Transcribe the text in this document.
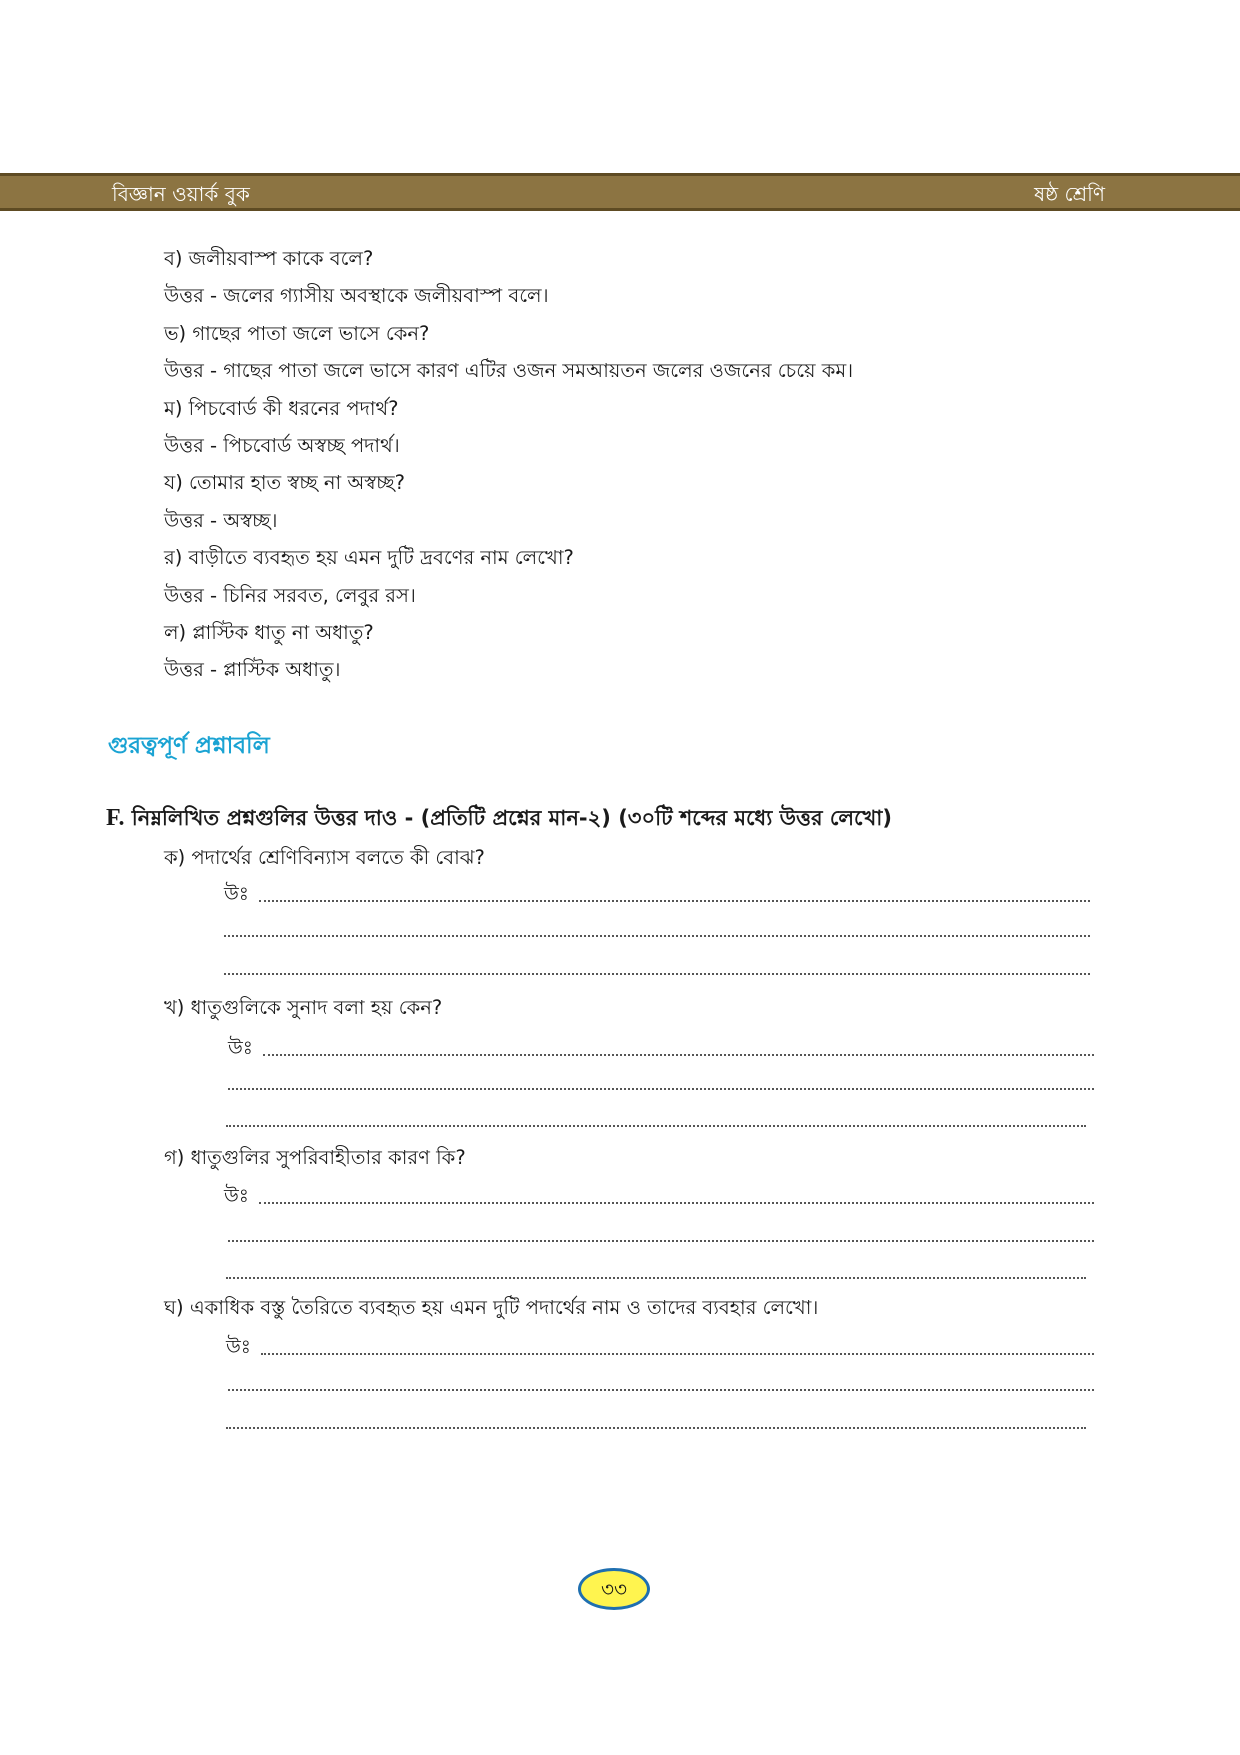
বিজ্ঞান ওয়ার্ক বুক	ষষ্ঠ শ্রেণি
ব) জলীয়বাস্প কাকে বলে?
উত্তর - জলের গ্যাসীয় অবস্থাকে জলীয়বাস্প বলে।
ভ) গাছের পাতা জলে ভাসে কেন?
উত্তর - গাছের পাতা জলে ভাসে কারণ এটির ওজন সমআয়তন জলের ওজনের চেয়ে কম।
ম) পিচবোর্ড কী ধরনের পদার্থ?
উত্তর - পিচবোর্ড অস্বচ্ছ পদার্থ।
য) তোমার হাত স্বচ্ছ না অস্বচ্ছ?
উত্তর - অস্বচ্ছ।
র) বাড়ীতে ব্যবহৃত হয় এমন দুটি দ্রবণের নাম লেখো?
উত্তর - চিনির সরবত, লেবুর রস।
ল) প্লাস্টিক ধাতু না অধাতু?
উত্তর - প্লাস্টিক অধাতু।
গুরত্বপূর্ণ প্রশ্নাবলি
F. নিম্নলিখিত প্রশ্নগুলির উত্তর দাও - (প্রতিটি প্রশ্নের মান-২) (৩০টি শব্দের মধ্যে উত্তর লেখো)
ক) পদার্থের শ্রেণিবিন্যাস বলতে কী বোঝ?
উঃ
খ) ধাতুগুলিকে সুনাদ বলা হয় কেন?
উঃ
গ) ধাতুগুলির সুপরিবাহীতার কারণ কি?
উঃ
ঘ) একাধিক বস্তু তৈরিতে ব্যবহৃত হয় এমন দুটি পদার্থের নাম ও তাদের ব্যবহার লেখো।
উঃ
৩৩
